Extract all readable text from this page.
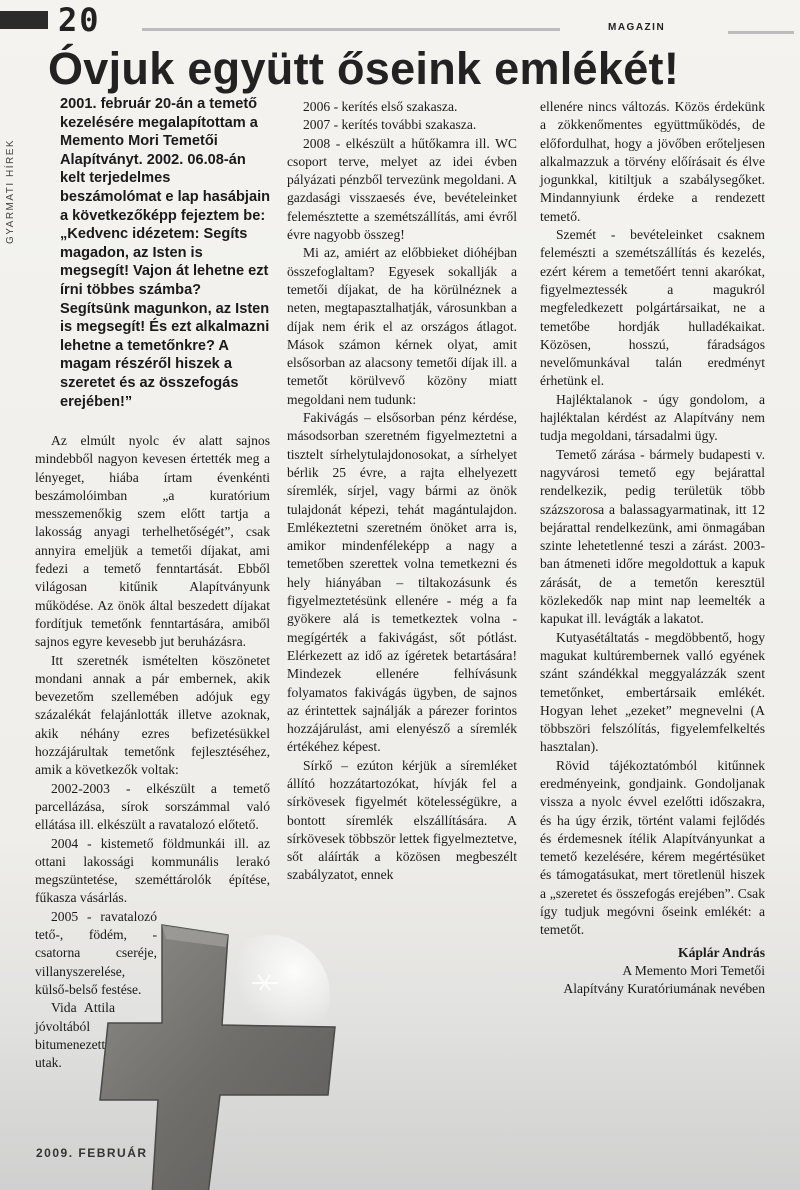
20	MAGAZIN
Óvjuk együtt őseink emlékét!
GYARMATI HÍREK
2001. február 20-án a temető kezelésére megalapítottam a Memento Mori Temetői Alapítványt. 2002. 06.08-án kelt terjedelmes beszámolómat e lap hasábjain a következőképp fejeztem be: „Kedvenc idézetem: Segíts magadon, az Isten is megsegít! Vajon át lehetne ezt írni többes számba? Segítsünk magunkon, az Isten is megsegít! És ezt alkalmazni lehetne a temetőnkre? A magam részéről hiszek a szeretet és az összefogás erejében!”

Az elmúlt nyolc év alatt sajnos mindebből nagyon kevesen értették meg a lényeget, hiába írtam évenkénti beszámolóimban „a kuratórium messzemenőkig szem előtt tartja a lakosság anyagi terhelhetőségét”, csak annyira emeljük a temetői díjakat, ami fedezi a temető fenntartását. Ebből világosan kitűnik Alapítványunk működése. Az önök által beszedett díjakat fordítjuk temetőnk fenntartására, amiből sajnos egyre kevesebb jut beruházásra.

Itt szeretnék ismételten köszönetet mondani annak a pár embernek, akik bevezetőm szellemében adójuk egy százalékát felajánlották illetve azoknak, akik néhány ezres befizetésükkel hozzájárultak temetőnk fejlesztéséhez, amik a következők voltak:

2002-2003 - elkészült a temető parcellázása, sírok sorszámmal való ellátása ill. elkészült a ravatalozó előtető.

2004 - kistemető földmunkái ill. az ottani lakossági kommunális lerakó megszüntetése, szeméttárolók építése, fűkasza vásárlás.

2005 - ravatalozó tető-, födém, -csatorna cseréje, villanyszerelése, külső-belső festése.

Vida Attila jóvoltából bitumenezett utak.

2006 - kerítés első szakasza.

2007 - kerítés további szakasza.

2008 - elkészült a hűtőkamra ill. WC csoport terve, melyet az idei évben pályázati pénzből tervezünk megoldani. A gazdasági visszaesés éve, bevételeinket felemésztette a szemétszállítás, ami évről évre nagyobb összeg!

Mi az, amiért az előbbieket dióhéjban összefoglaltam? Egyesek sokallják a temetői díjakat, de ha körülnéznek a neten, megtapasztalhatják, városunkban a díjak nem érik el az országos átlagot. Mások számon kérnek olyat, amit elsősorban az alacsony temetői díjak ill. a temetőt körülvevő közöny miatt megoldani nem tudunk:

Fakivágás – elsősorban pénz kérdése, másodsorban szeretném figyelmeztetni a tisztelt sírhelytulajdonosokat, a sírhelyet bérlik 25 évre, a rajta elhelyezett síremlék, sírjel, vagy bármi az önök tulajdonát képezi, tehát magántulajdon. Emlékeztetni szeretném önöket arra is, amikor mindenféleképp a nagy a temetőben szerettek volna temetkezni és hely hiányában – tiltakozásunk és figyelmeztetésünk ellenére - még a fa gyökere alá is temetkeztek volna - megígérték a fakivágást, sőt pótlást. Elérkezett az idő az ígéretek betartására! Mindezek ellenére felhívásunk folyamatos fakivágás ügyben, de sajnos az érintettek sajnálják a párezer forintos hozzájárulást, ami elenyésző a síremlék értékéhez képest.

Sírkő – ezúton kérjük a síremléket állító hozzátartozókat, hívják fel a sírkövesek figyelmét kötelességükre, a bontott síremlék elszállítására. A sírkövesek többször lettek figyelmeztetve, sőt aláírták a közösen megbeszélt szabályzatot, ennek

ellenére nincs változás. Közös érdekünk a zökkenőmentes együttműködés, de előfordulhat, hogy a jövőben erőteljesen alkalmazzuk a törvény előírásait és élve jogunkkal, kitiltjuk a szabálysegőket. Mindannyiunk érdeke a rendezett temető.

Szemét - bevételeinket csaknem felemészti a szemétszállítás és kezelés, ezért kérem a temetőért tenni akarókat, figyelmeztessék a magukról megfeledkezett polgártársaikat, ne a temetőbe hordják hulladékaikat. Közösen, hosszú, fáradságos nevelőmunkával talán eredményt érhetünk el.

Hajléktalanok - úgy gondolom, a hajléktalan kérdést az Alapítvány nem tudja megoldani, társadalmi ügy.

Temető zárása - bármely budapesti v. nagyvárosi temető egy bejárattal rendelkezik, pedig területük több százszorosa a balassagyarmatinak, itt 12 bejárattal rendelkezünk, ami önmagában szinte lehetetlenné teszi a zárást. 2003-ban átmeneti időre megoldottuk a kapuk zárását, de a temetőn keresztül közlekedők nap mint nap leemelték a kapukat ill. levágták a lakatot.

Kutyasétáltatás - megdöbbentő, hogy magukat kultúrembernek valló egyének szánt szándékkal meggyalázzák szent temetőnket, embertársaik emlékét. Hogyan lehet „ezeket” megnevelni (A többszöri felszólítás, figyelemfelkeltés hasztalan).

Rövid tájékoztatómból kitűnnek eredményeink, gondjaink. Gondoljanak vissza a nyolc évvel ezelőtti időszakra, és ha úgy érzik, történt valami fejlődés és érdemesnek ítélik Alapítványunkat a temető kezelésére, kérem megértésüket és támogatásukat, mert töretlenül hiszek a „szeretet és összefogás erejében”. Csak így tudjuk megóvni őseink emlékét: a temetőt.

Káplár András
A Memento Mori Temetői
Alapítvány Kuratóriumának nevében
2009. FEBRUÁR
